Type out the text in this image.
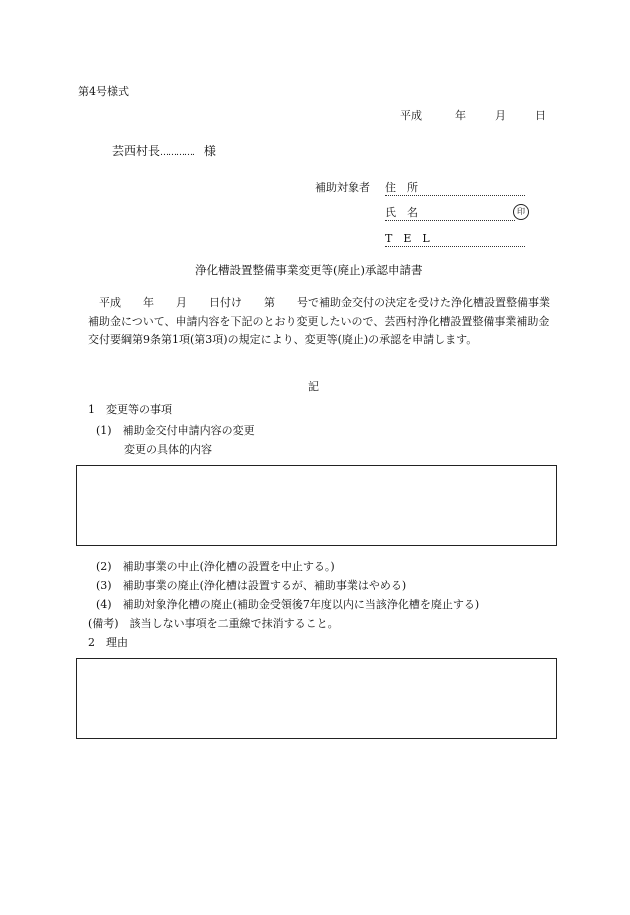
第4号様式
平成	年	月	日
芸西村長…………. 様
補助対象者 住　所
氏　名	印
T　E　L
浄化槽設置整備事業変更等(廃止)承認申請書
平成　　年　　月　　日付け　　第　　号で補助金交付の決定を受けた浄化槽設置整備事業補助金について、申請内容を下記のとおり変更したいので、芸西村浄化槽設置整備事業補助金交付要綱第9条第1項(第3項)の規定により、変更等(廃止)の承認を申請します。
記
1　変更等の事項
(1)　補助金交付申請内容の変更
変更の具体的内容
(2)　補助事業の中止(浄化槽の設置を中止する。)
(3)　補助事業の廃止(浄化槽は設置するが、補助事業はやめる)
(4)　補助対象浄化槽の廃止(補助金受領後7年度以内に当該浄化槽を廃止する)
(備考)　該当しない事項を二重線で抹消すること。
2　理由
